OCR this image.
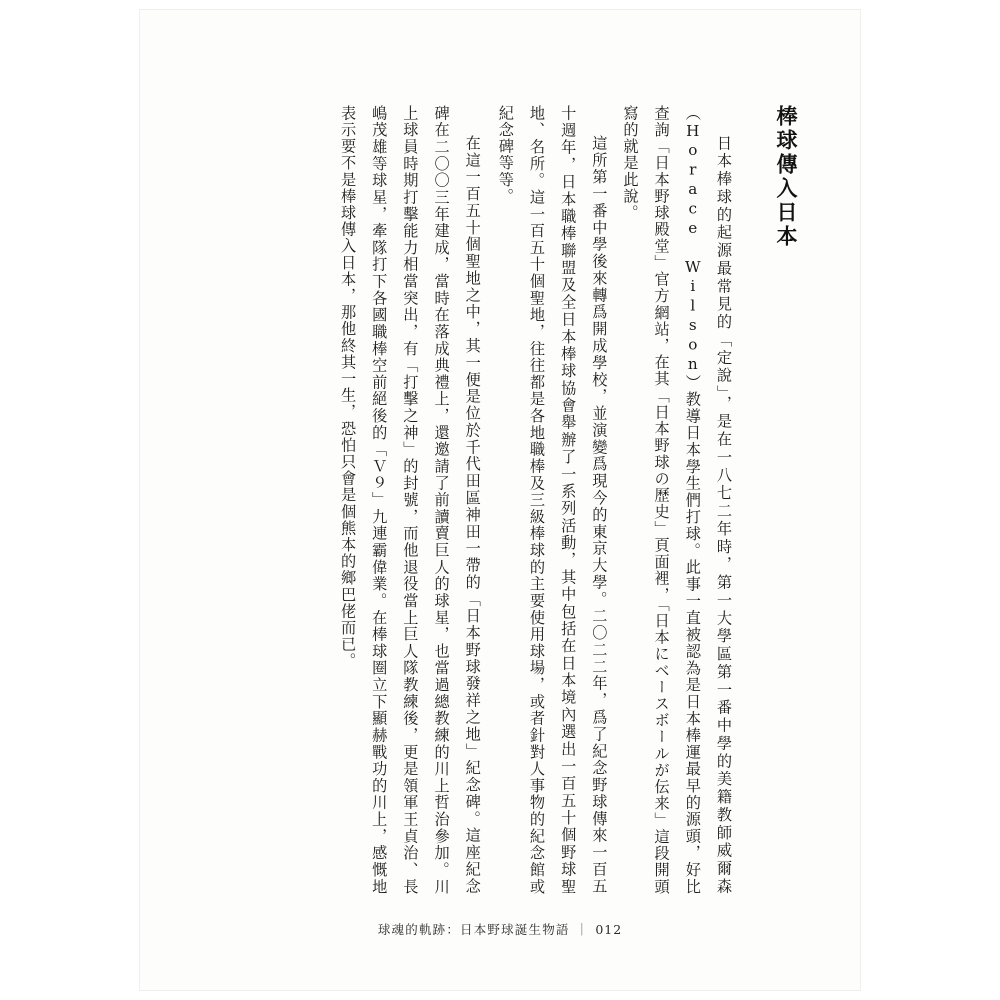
棒球傳入日本

日本棒球的起源最常見的「定說」，是在一八七二年時，第一大學區第一番中學的美籍教師威爾森（Horace Wilson）教導日本學生們打球。此事一直被認為是日本棒運最早的源頭，好比查詢「日本野球殿堂」官方網站，在其「日本野球の歷史」頁面裡，「日本にベースボールが伝来」這段開頭寫的就是此說。

這所第一番中學後來轉爲開成學校，並演變爲現今的東京大學。二〇二二年，爲了紀念野球傳來一百五十週年，日本職棒聯盟及全日本棒球協會舉辦了一系列活動，其中包括在日本境內選出一百五十個野球聖地、名所。這一百五十個聖地，往往都是各地職棒及三級棒球的主要使用球場，或者針對人事物的紀念館或紀念碑等等。

在這一百五十個聖地之中，其一便是位於千代田區神田一帶的「日本野球發祥之地」紀念碑。這座紀念碑在二〇〇三年建成，當時在落成典禮上，還邀請了前讀賣巨人的球星，也當過總教練的川上哲治參加。川上球員時期打擊能力相當突出，有「打擊之神」的封號，而他退役當上巨人隊教練後，更是領軍王貞治、長嶋茂雄等球星，牽隊打下各國職棒空前絕後的「Ｖ９」九連霸偉業。在棒球圈立下顯赫戰功的川上，感慨地表示要不是棒球傳入日本，那他終其一生，恐怕只會是個熊本的鄉巴佬而已。

球魂的軌跡：日本野球誕生物語 ｜ 012
